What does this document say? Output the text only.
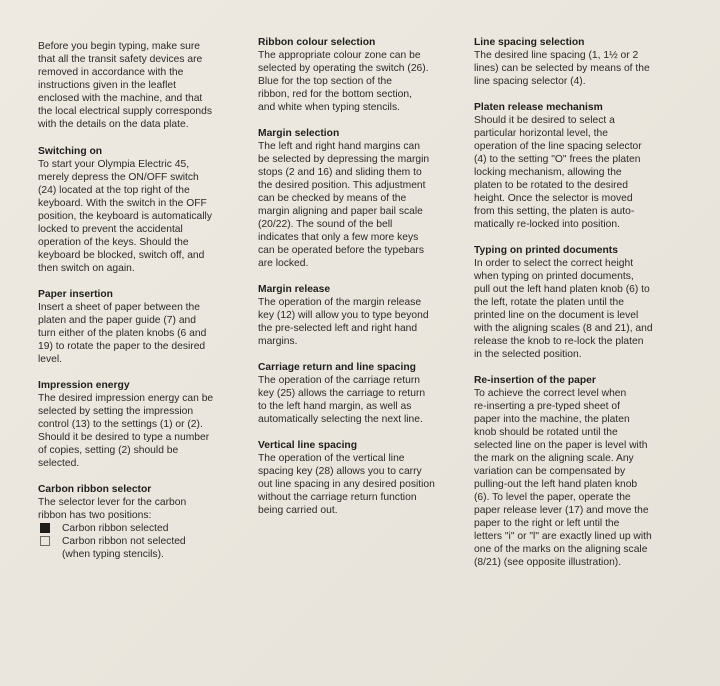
Before you begin typing, make sure
that all the transit safety devices are
removed in accordance with the
instructions given in the leaflet
enclosed with the machine, and that
the local electrical supply corresponds
with the details on the data plate.

Switching on

To start your Olympia Electric 45,
merely depress the ON/OFF switch
(24) located at the top right of the
keyboard. With the switch in the OFF
position, the keyboard is automatically
locked to prevent the accidental
operation of the keys. Should the
keyboard be blocked, switch off, and
then switch on again.

Paper insertion

Insert a sheet of paper between the
platen and the paper guide (7) and
turn either of the platen knobs (6 and
19) to rotate the paper to the desired
level.

Impression energy

The desired impression energy can be
selected by setting the impression
control (13) to the settings (1) or (2).
Should it be desired to type a number
of copies, setting (2) should be
selected.

Carbon ribbon selector

The selector lever for the carbon
ribbon has two positions:

Carbon ribbon selected
Carbon ribbon not selected
(when typing stencils).
Ribbon colour selection

The appropriate colour zone can be
selected by operating the switch (26).
Blue for the top section of the
ribbon, red for the bottom section,
and white when typing stencils.

Margin selection

The left and right hand margins can
be selected by depressing the margin
stops (2 and 16) and sliding them to
the desired position. This adjustment
can be checked by means of the
margin aligning and paper bail scale
(20/22). The sound of the bell
indicates that only a few more keys
can be operated before the typebars
are locked.

Margin release

The operation of the margin release
key (12) will allow you to type beyond
the pre-selected left and right hand
margins.

Carriage return and line spacing

The operation of the carriage return
key (25) allows the carriage to return
to the left hand margin, as well as
automatically selecting the next line.

Vertical line spacing

The operation of the vertical line
spacing key (28) allows you to carry
out line spacing in any desired position
without the carriage return function
being carried out.

Line spacing selection

The desired line spacing (1, 1½ or 2
lines) can be selected by means of the
line spacing selector (4).

Platen release mechanism

Should it be desired to select a
particular horizontal level, the
operation of the line spacing selector
(4) to the setting "O" frees the platen
locking mechanism, allowing the
platen to be rotated to the desired
height. Once the selector is moved
from this setting, the platen is auto-
matically re-locked into position.

Typing on printed documents

In order to select the correct height
when typing on printed documents,
pull out the left hand platen knob (6) to
the left, rotate the platen until the
printed line on the document is level
with the aligning scales (8 and 21), and
release the knob to re-lock the platen
in the selected position.

Re-insertion of the paper

To achieve the correct level when
re-inserting a pre-typed sheet of
paper into the machine, the platen
knob should be rotated until the
selected line on the paper is level with
the mark on the aligning scale. Any
variation can be compensated by
pulling-out the left hand platen knob
(6). To level the paper, operate the
paper release lever (17) and move the
paper to the right or left until the
letters "i" or "l" are exactly lined up with
one of the marks on the aligning scale
(8/21) (see opposite illustration).
